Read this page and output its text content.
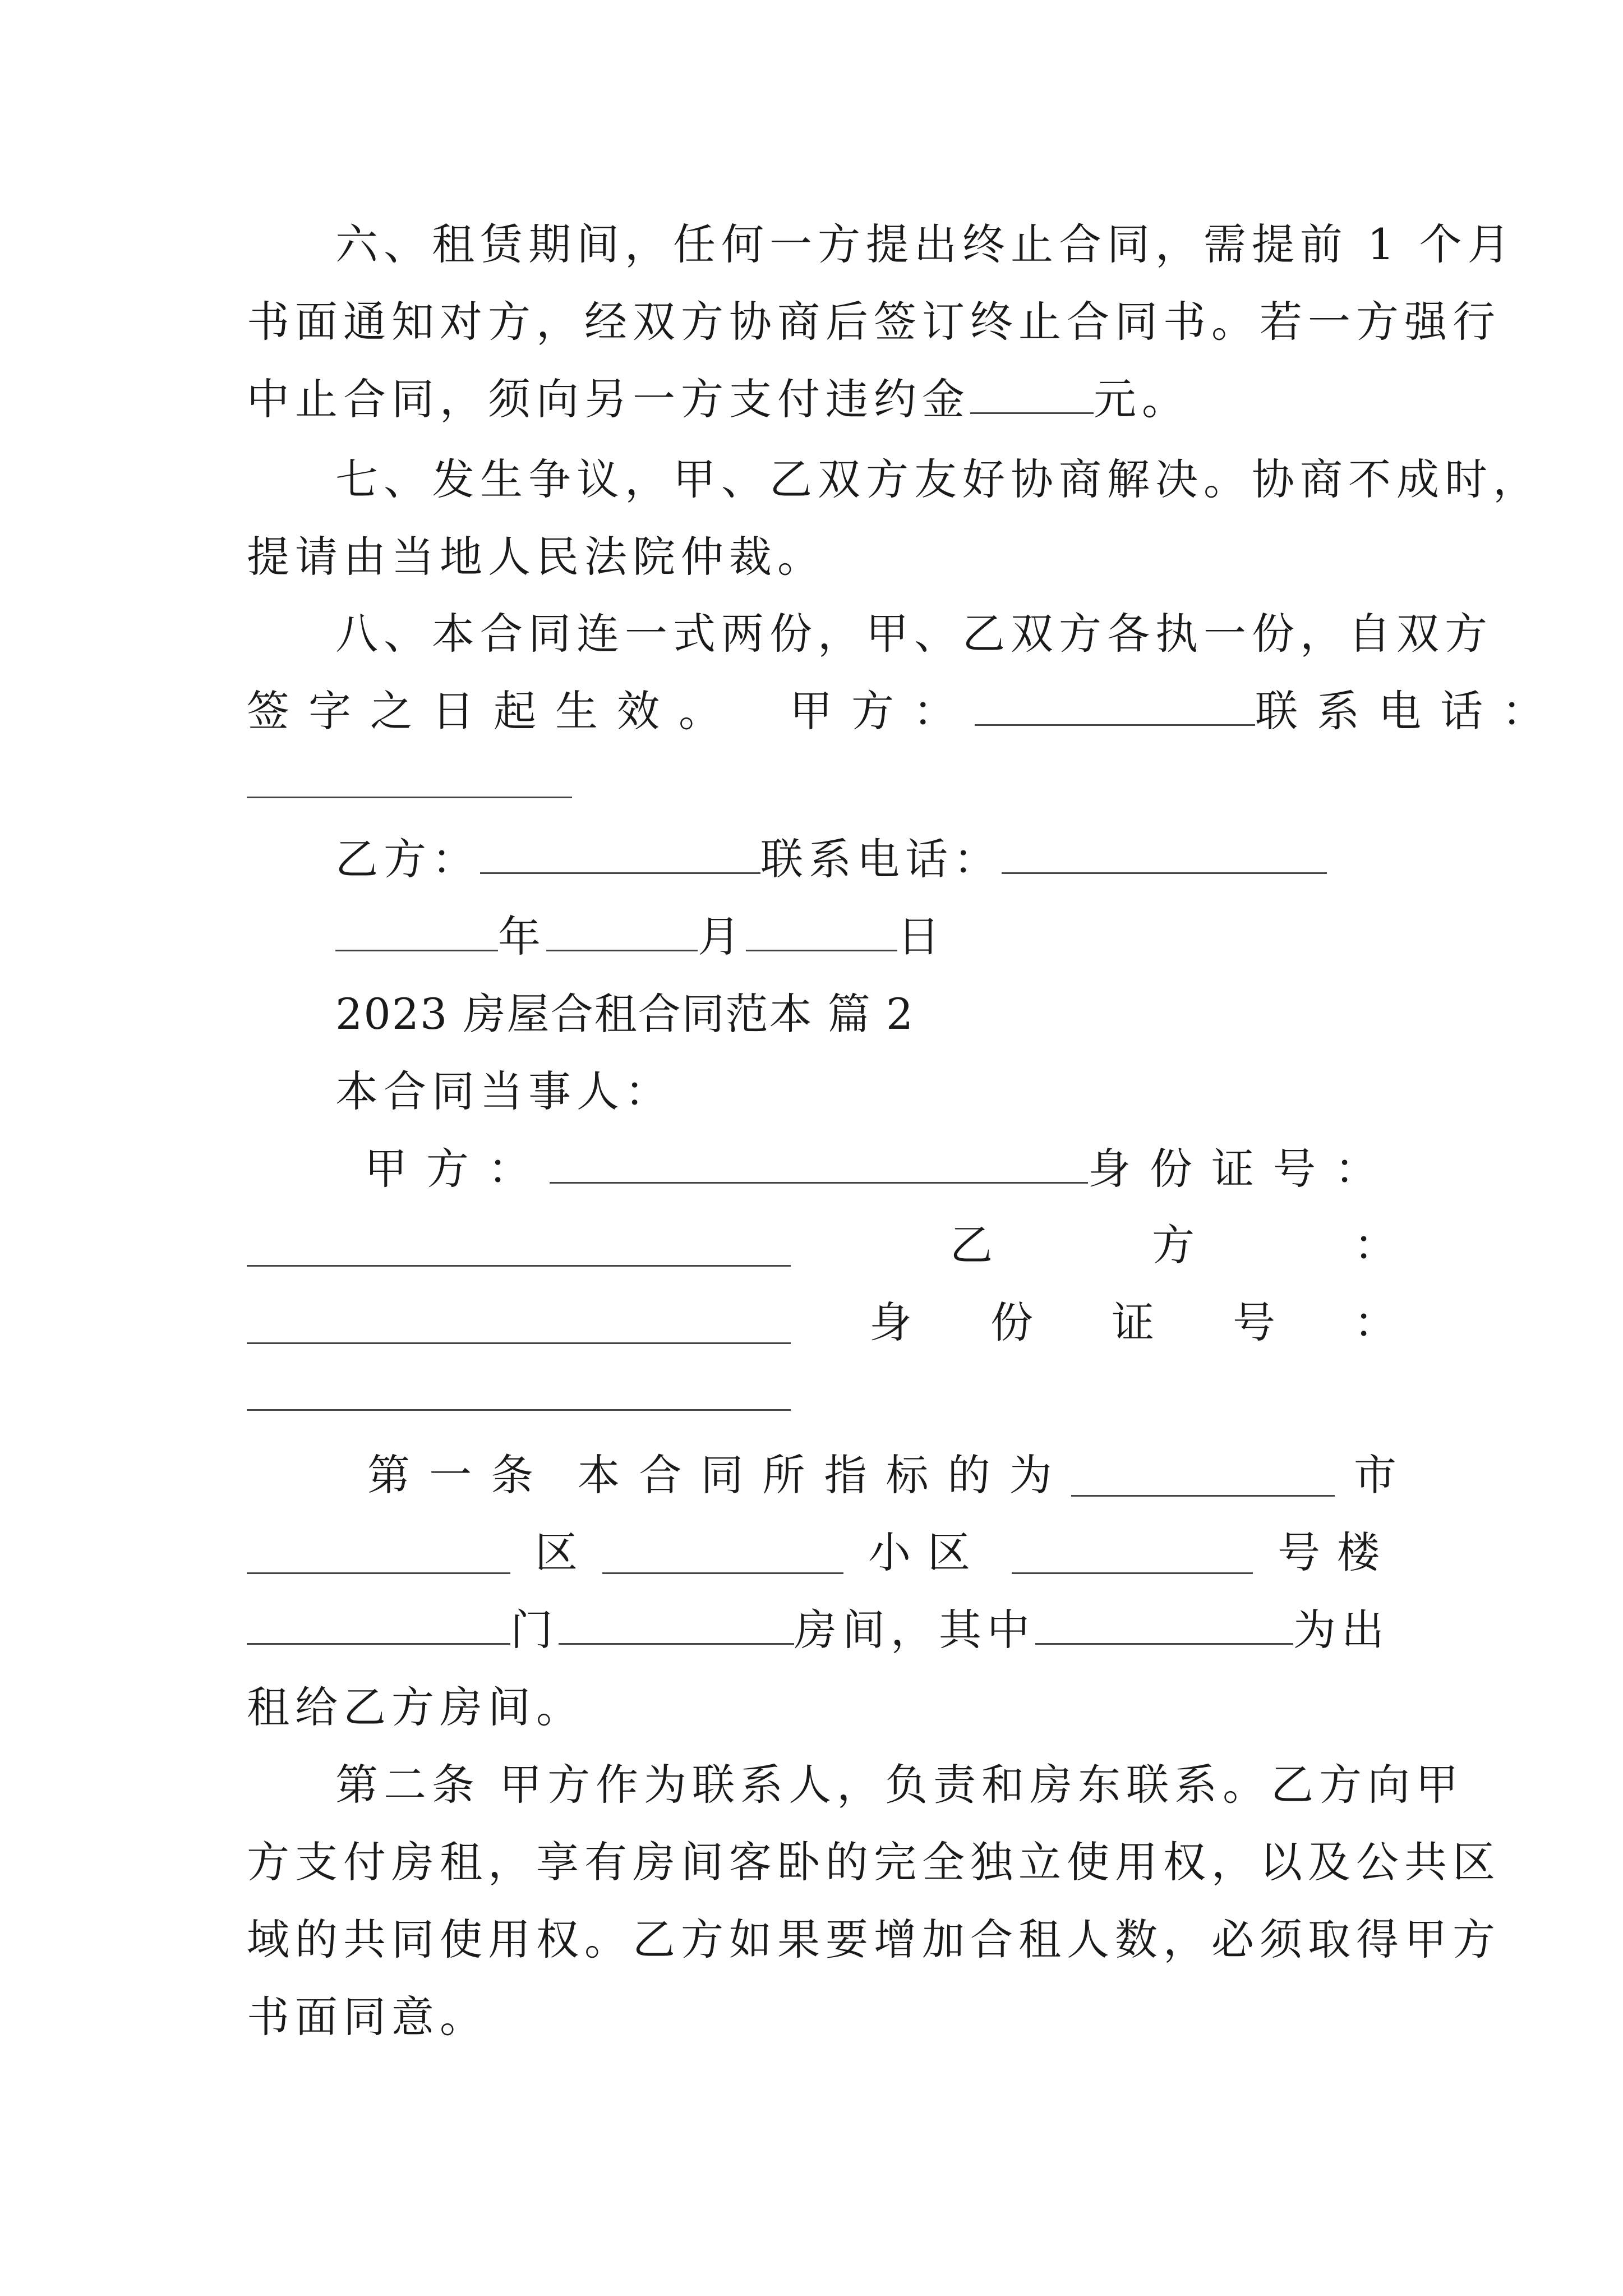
六、租赁期间，任何一方提出终止合同，需提前 1 个月
书面通知对方，经双方协商后签订终止合同书。若一方强行
中止合同，须向另一方支付违约金	元。
七、发生争议，甲、乙双方友好协商解决。协商不成时，
提请由当地人民法院仲裁。
八、本合同连一式两份，甲、乙双方各执一份，自双方
签字之日起生效。 甲方：	联系电话：
乙方：	联系电话：
年	月	日
2023 房屋合租合同范本 篇 2
本合同当事人：
甲方：	身份证号：
乙	方	：
身 份 证 号 ：
第 一 条 本 合 同 所 指 标 的 为	市
区	小区	号楼
门	房间，其中	为出
租给乙方房间。
第二条 甲方作为联系人，负责和房东联系。乙方向甲
方支付房租，享有房间客卧的完全独立使用权，以及公共区
域的共同使用权。乙方如果要增加合租人数，必须取得甲方
书面同意。
